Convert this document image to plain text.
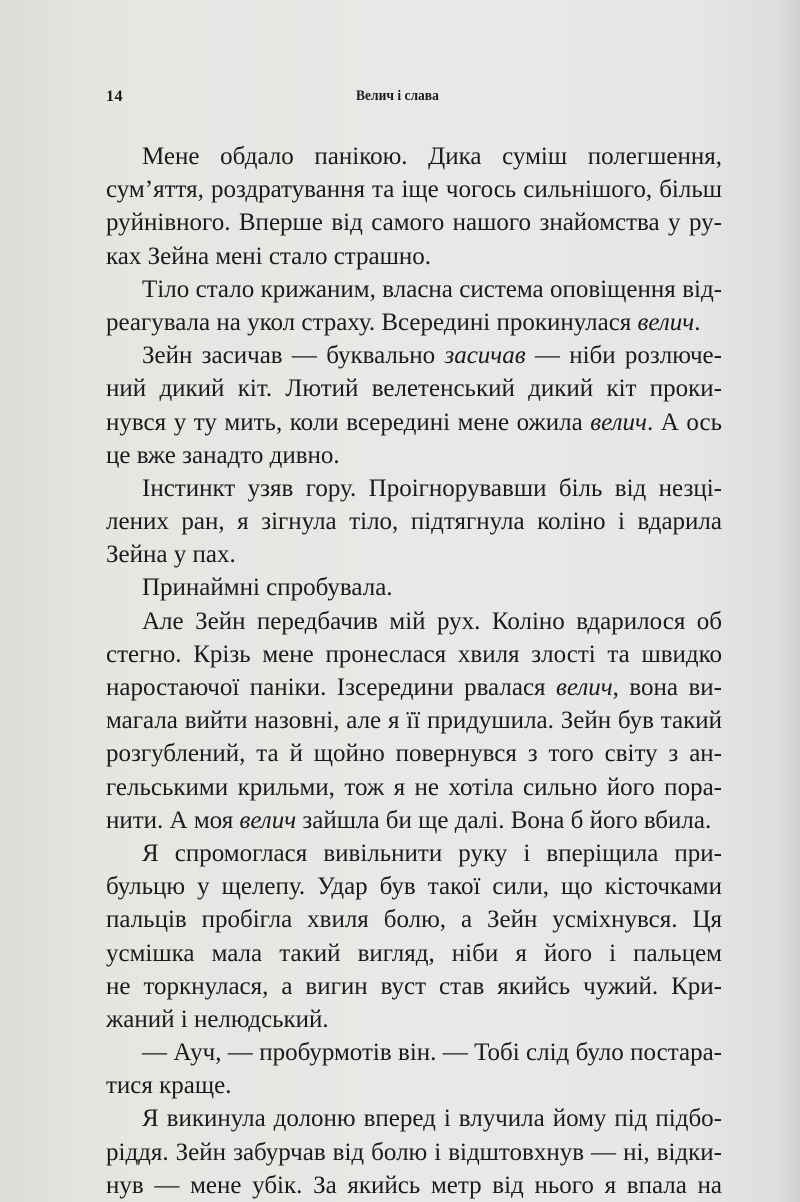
14	Велич і слава
Мене обдало панікою. Дика суміш полегшення,
сум’яття, роздратування та іще чогось сильнішого, більш
руйнівного. Вперше від самого нашого знайомства у ру-
ках Зейна мені стало страшно.
Тіло стало крижаним, власна система оповіщення від-
реагувала на укол страху. Всередині прокинулася велич.
Зейн засичав — буквально засичав — ніби розлюче-
ний дикий кіт. Лютий велетенський дикий кіт проки-
нувся у ту мить, коли всередині мене ожила велич. А ось
це вже занадто дивно.
Інстинкт узяв гору. Проігнорувавши біль від незці-
лених ран, я зігнула тіло, підтягнула коліно і вдарила
Зейна у пах.
Принаймні спробувала.
Але Зейн передбачив мій рух. Коліно вдарилося об
стегно. Крізь мене пронеслася хвиля злості та швидко
наростаючої паніки. Ізсередини рвалася велич, вона ви-
магала вийти назовні, але я її придушила. Зейн був такий
розгублений, та й щойно повернувся з того світу з ан-
гельськими крильми, тож я не хотіла сильно його пора-
нити. А моя велич зайшла би ще далі. Вона б його вбила.
Я спромоглася вивільнити руку і вперіщила при-
бульцю у щелепу. Удар був такої сили, що кісточками
пальців пробігла хвиля болю, а Зейн усміхнувся. Ця
усмішка мала такий вигляд, ніби я його і пальцем
не торкнулася, а вигин вуст став якийсь чужий. Кри-
жаний і нелюдський.
— Ауч, — пробурмотів він. — Тобі слід було постара-
тися краще.
Я викинула долоню вперед і влучила йому під підбо-
ріддя. Зейн забурчав від болю і відштовхнув — ні, відки-
нув — мене убік. За якийсь метр від нього я впала на
